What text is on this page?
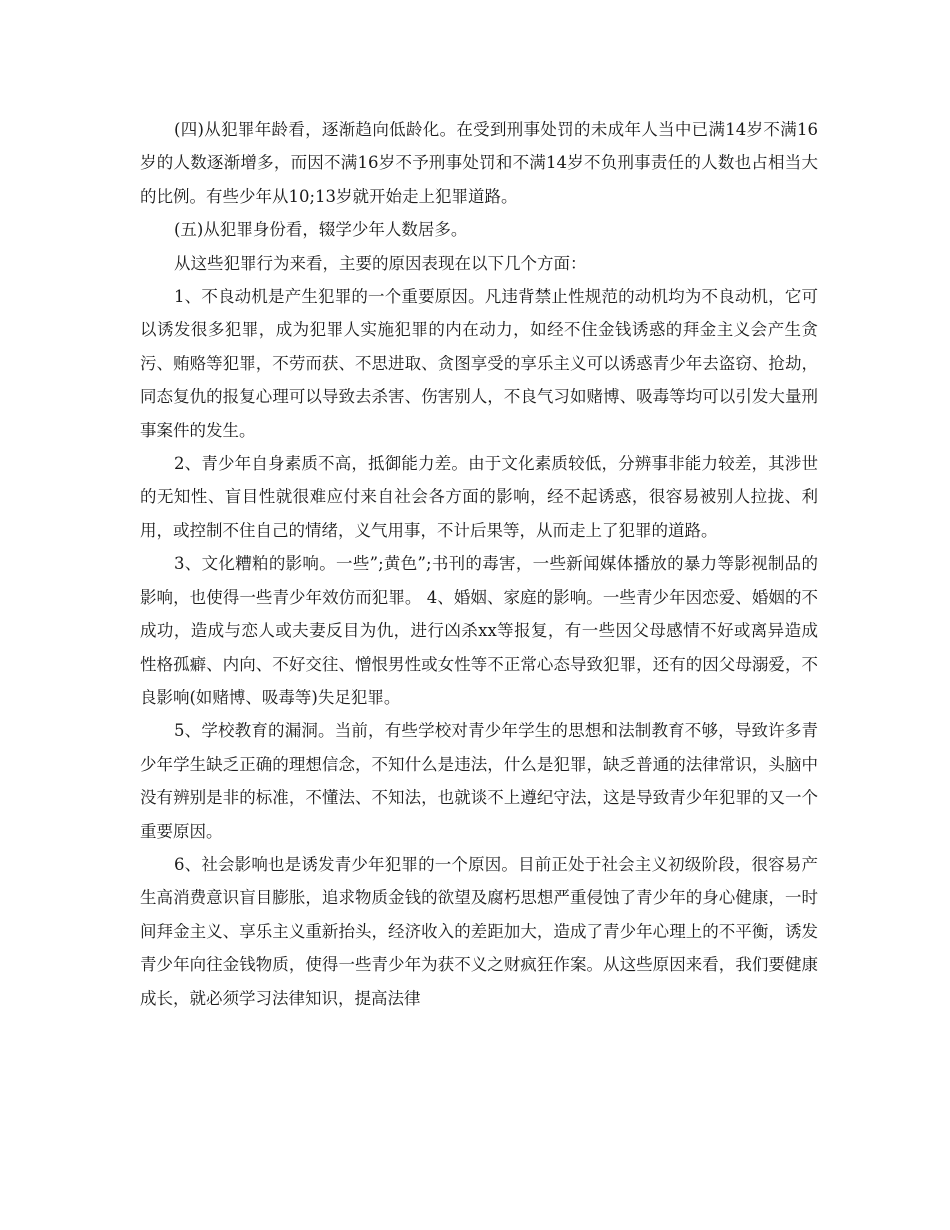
(四)从犯罪年龄看，逐渐趋向低龄化。在受到刑事处罚的未成年人当中已满14岁不满16岁的人数逐渐增多，而因不满16岁不予刑事处罚和不满14岁不负刑事责任的人数也占相当大的比例。有些少年从10;13岁就开始走上犯罪道路。

(五)从犯罪身份看，辍学少年人数居多。

从这些犯罪行为来看，主要的原因表现在以下几个方面：

1、不良动机是产生犯罪的一个重要原因。凡违背禁止性规范的动机均为不良动机，它可以诱发很多犯罪，成为犯罪人实施犯罪的内在动力，如经不住金钱诱惑的拜金主义会产生贪污、贿赂等犯罪，不劳而获、不思进取、贪图享受的享乐主义可以诱惑青少年去盗窃、抢劫，同态复仇的报复心理可以导致去杀害、伤害别人，不良气习如赌博、吸毒等均可以引发大量刑事案件的发生。

2、青少年自身素质不高，抵御能力差。由于文化素质较低，分辨事非能力较差，其涉世的无知性、盲目性就很难应付来自社会各方面的影响，经不起诱惑，很容易被别人拉拢、利用，或控制不住自己的情绪，义气用事，不计后果等，从而走上了犯罪的道路。

3、文化糟粕的影响。一些”;黄色”;书刊的毒害，一些新闻媒体播放的暴力等影视制品的影响，也使得一些青少年效仿而犯罪。 4、婚姻、家庭的影响。一些青少年因恋爱、婚姻的不成功，造成与恋人或夫妻反目为仇，进行凶杀xx等报复，有一些因父母感情不好或离异造成性格孤癖、内向、不好交往、憎恨男性或女性等不正常心态导致犯罪，还有的因父母溺爱，不良影响(如赌博、吸毒等)失足犯罪。

5、学校教育的漏洞。当前，有些学校对青少年学生的思想和法制教育不够，导致许多青少年学生缺乏正确的理想信念，不知什么是违法，什么是犯罪，缺乏普通的法律常识，头脑中没有辨别是非的标准，不懂法、不知法，也就谈不上遵纪守法，这是导致青少年犯罪的又一个重要原因。

6、社会影响也是诱发青少年犯罪的一个原因。目前正处于社会主义初级阶段，很容易产生高消费意识盲目膨胀，追求物质金钱的欲望及腐朽思想严重侵蚀了青少年的身心健康，一时间拜金主义、享乐主义重新抬头，经济收入的差距加大，造成了青少年心理上的不平衡，诱发青少年向往金钱物质，使得一些青少年为获不义之财疯狂作案。从这些原因来看，我们要健康成长，就必须学习法律知识，提高法律
